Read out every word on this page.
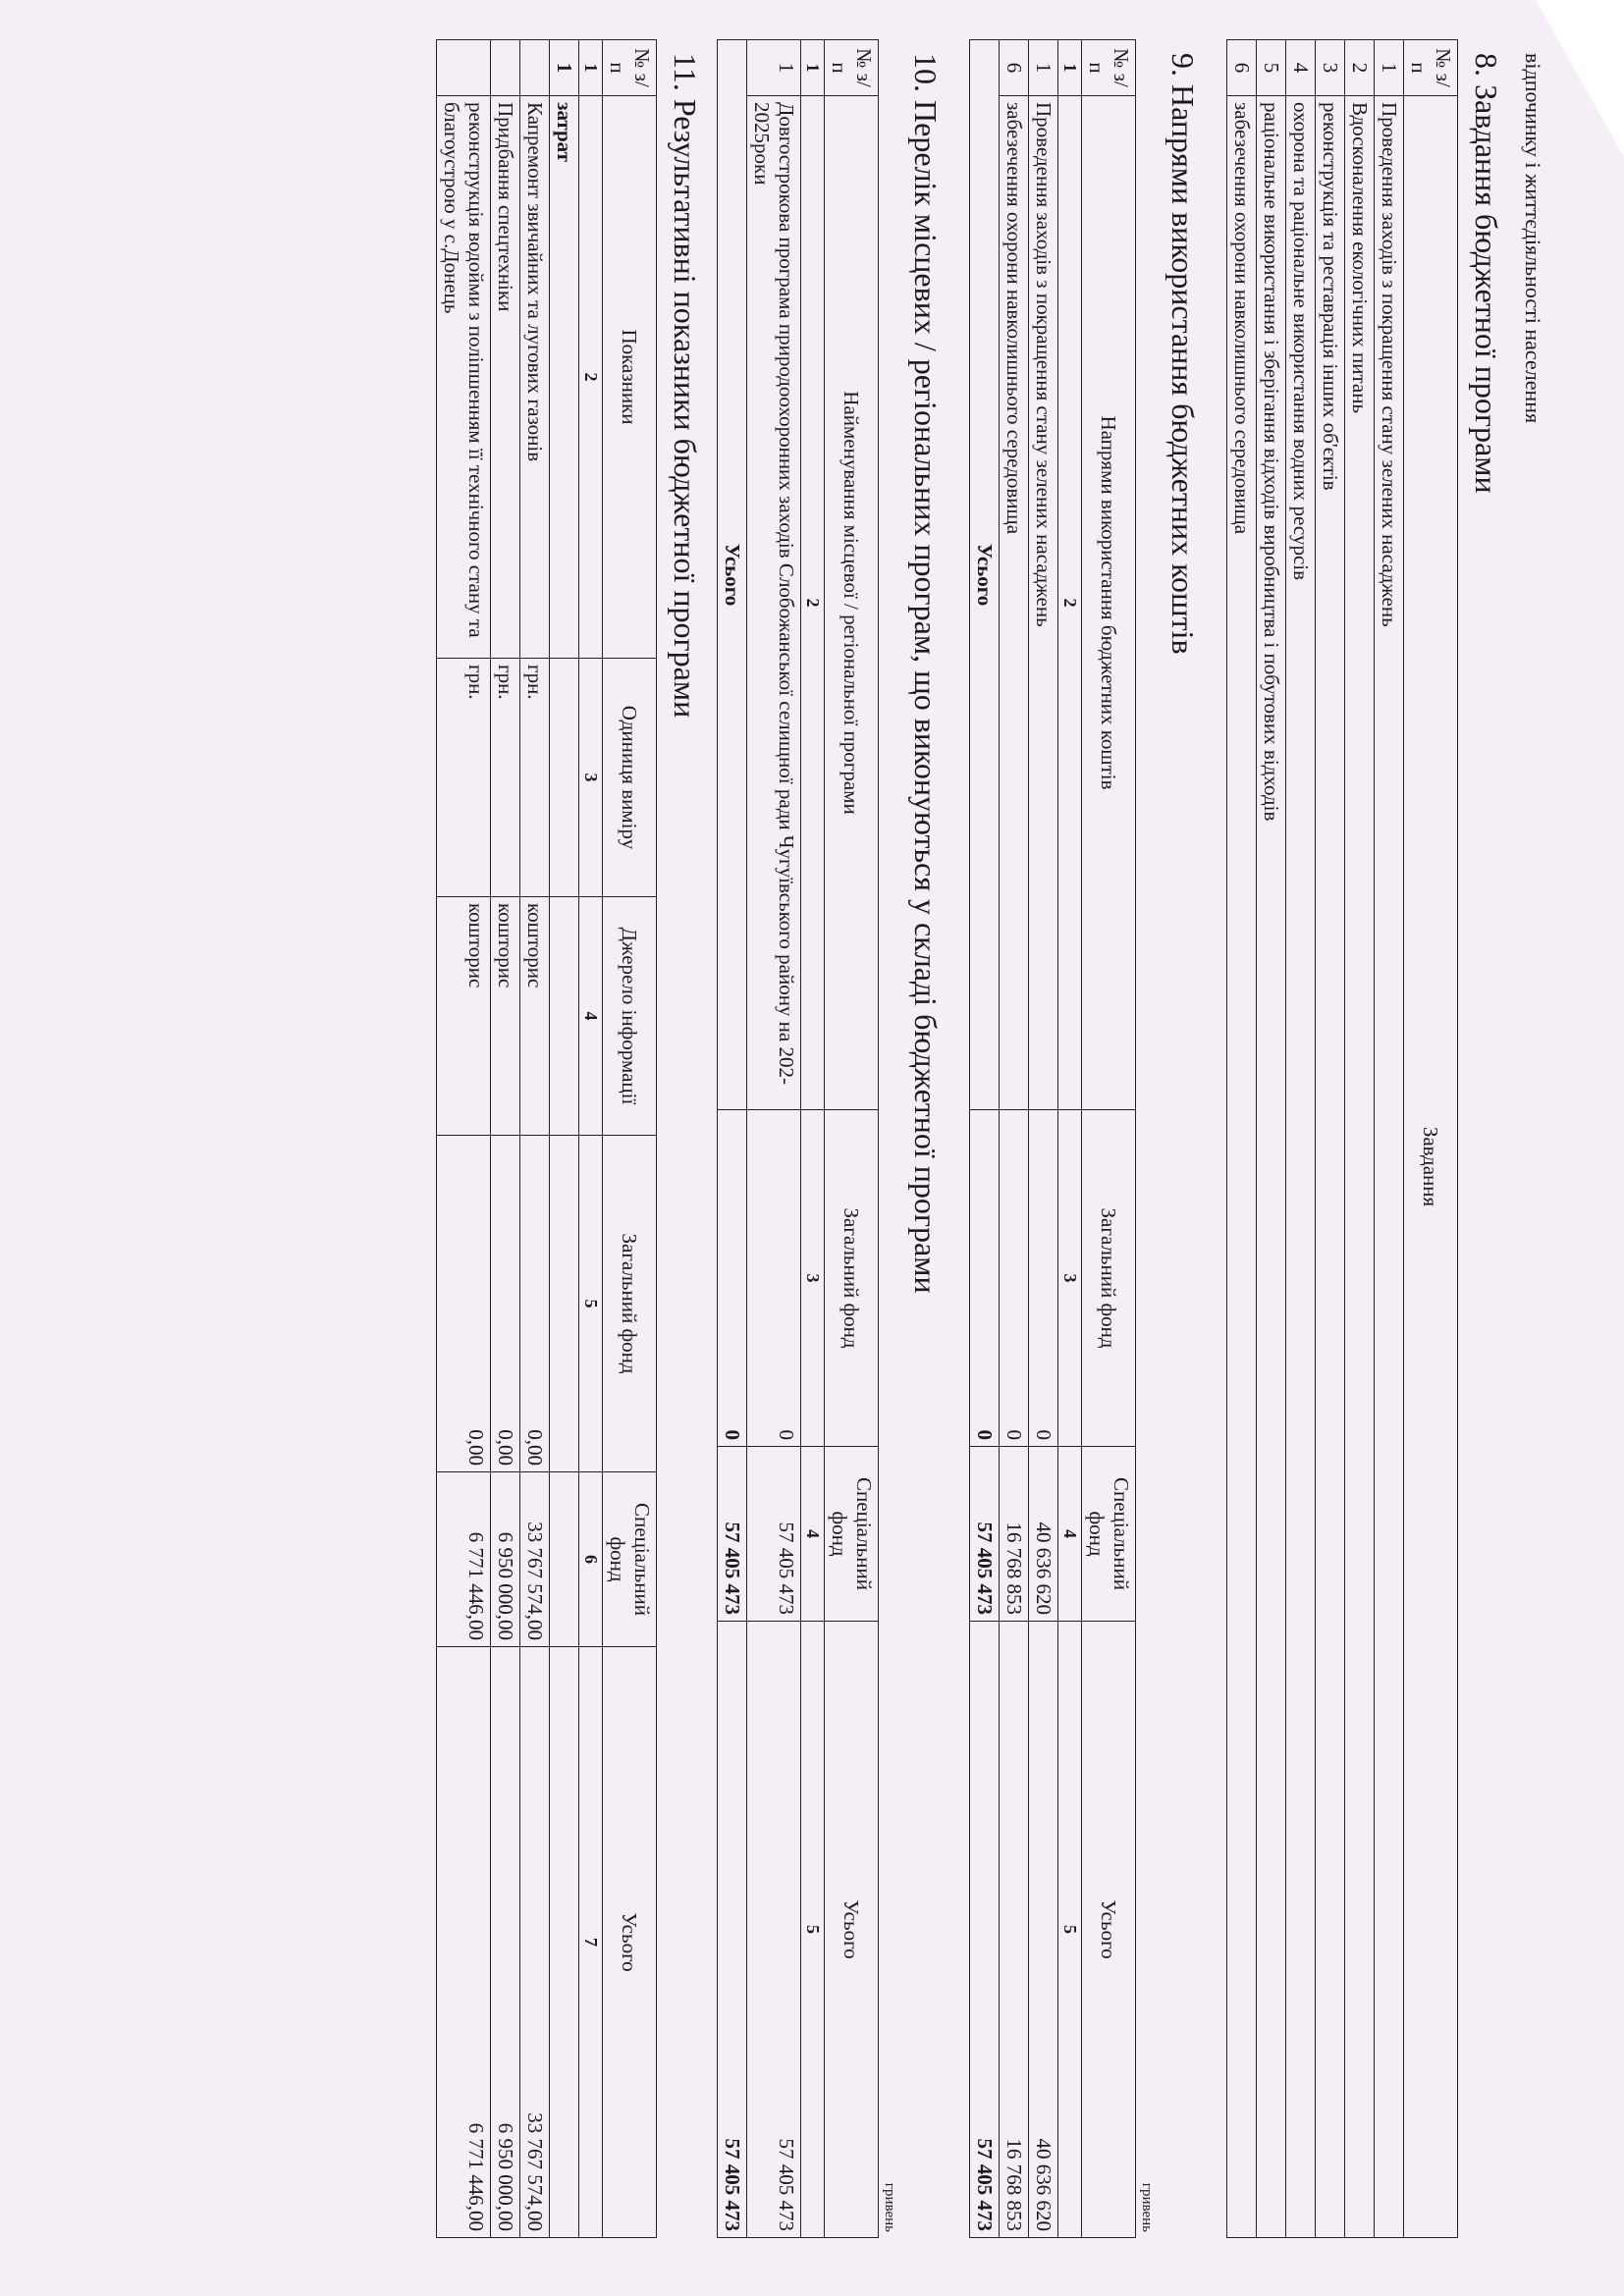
відпочинку і життєдіяльності населення
8. Завдання бюджетної програми
№ з/п	Завдання
1	Проведення заходів з покращення стану зелених насаджень
2	Вдосконалення екологічних питань
3	реконструкція та реставрація інших об'єктів
4	охорона та раціональне використання водних ресурсів
5	раціональне використання і зберігання відходів виробництва і побутових відходів
6	забезечення охорони навколишнього середовища
9. Напрями використання бюджетних коштів
гривень
№ з/п	Напрями використання бюджетних коштів	Загальний фонд	Спеціальний фонд	Усього
1	2	3	4	5
1	Проведення заходів з покращення стану зелених насаджень	0	40 636 620	40 636 620
6	забезечення охорони навколишнього середовища	0	16 768 853	16 768 853
Усього		0	57 405 473	57 405 473
10. Перелік місцевих / регіональних програм, що виконуються у складі бюджетної програми
гривень
№ з/п	Найменування місцевої / регіональної програми	Загальний фонд	Спеціальний фонд	Усього
1	2	3	4	5
1	Довгострокова програма природоохоронних заходів Слобожанської селищної ради Чугуївського району на 202- 2025роки	0	57 405 473	57 405 473
Усього		0	57 405 473	57 405 473
11. Результативні показники бюджетної програми
№ з/п	Показники	Одиниця виміру	Джерело інформації	Загальний фонд	Спеціальний фонд	Усього
1	2	3	4	5	6	7
1	затрат					
	Капремонт звичайних та лугових газонів	грн.	кошторис	0,00	33 767 574,00	33 767 574,00
	Придбання спецтехніки	грн.	кошторис	0,00	6 950 000,00	6 950 000,00
	реконструкція водойми з поліпшенням її технічного стану та благоустрою у с.Донець	грн.	кошторис	0,00	6 771 446,00	6 771 446,00
